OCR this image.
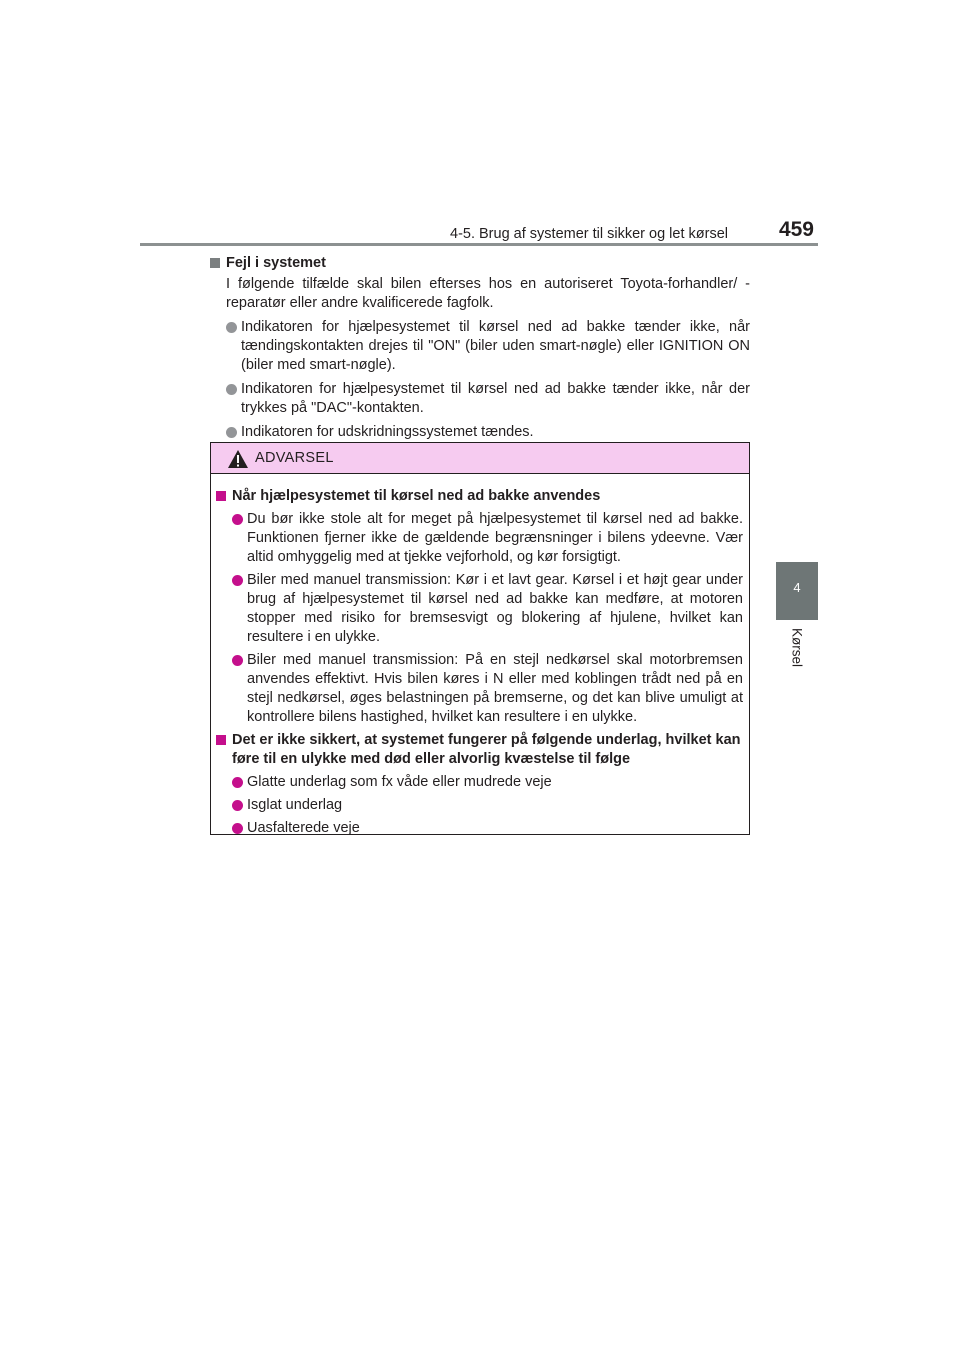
4-5. Brug af systemer til sikker og let kørsel 459
4
Kørsel
Fejl i systemet
I følgende tilfælde skal bilen efterses hos en autoriseret Toyota-forhandler/ -reparatør eller andre kvalificerede fagfolk.
Indikatoren for hjælpesystemet til kørsel ned ad bakke tænder ikke, når tændingskontakten drejes til "ON" (biler uden smart-nøgle) eller IGNITION ON (biler med smart-nøgle).
Indikatoren for hjælpesystemet til kørsel ned ad bakke tænder ikke, når der trykkes på "DAC"-kontakten.
Indikatoren for udskridningssystemet tændes.
ADVARSEL
Når hjælpesystemet til kørsel ned ad bakke anvendes
Du bør ikke stole alt for meget på hjælpesystemet til kørsel ned ad bakke. Funktionen fjerner ikke de gældende begrænsninger i bilens ydeevne. Vær altid omhyggelig med at tjekke vejforhold, og kør forsigtigt.
Biler med manuel transmission: Kør i et lavt gear. Kørsel i et højt gear under brug af hjælpesystemet til kørsel ned ad bakke kan medføre, at motoren stopper med risiko for bremsesvigt og blokering af hjulene, hvilket kan resultere i en ulykke.
Biler med manuel transmission: På en stejl nedkørsel skal motorbremsen anvendes effektivt. Hvis bilen køres i N eller med koblingen trådt ned på en stejl nedkørsel, øges belastningen på bremserne, og det kan blive umuligt at kontrollere bilens hastighed, hvilket kan resultere i en ulykke.
Det er ikke sikkert, at systemet fungerer på følgende underlag, hvilket kan føre til en ulykke med død eller alvorlig kvæstelse til følge
Glatte underlag som fx våde eller mudrede veje
Isglat underlag
Uasfalterede veje
